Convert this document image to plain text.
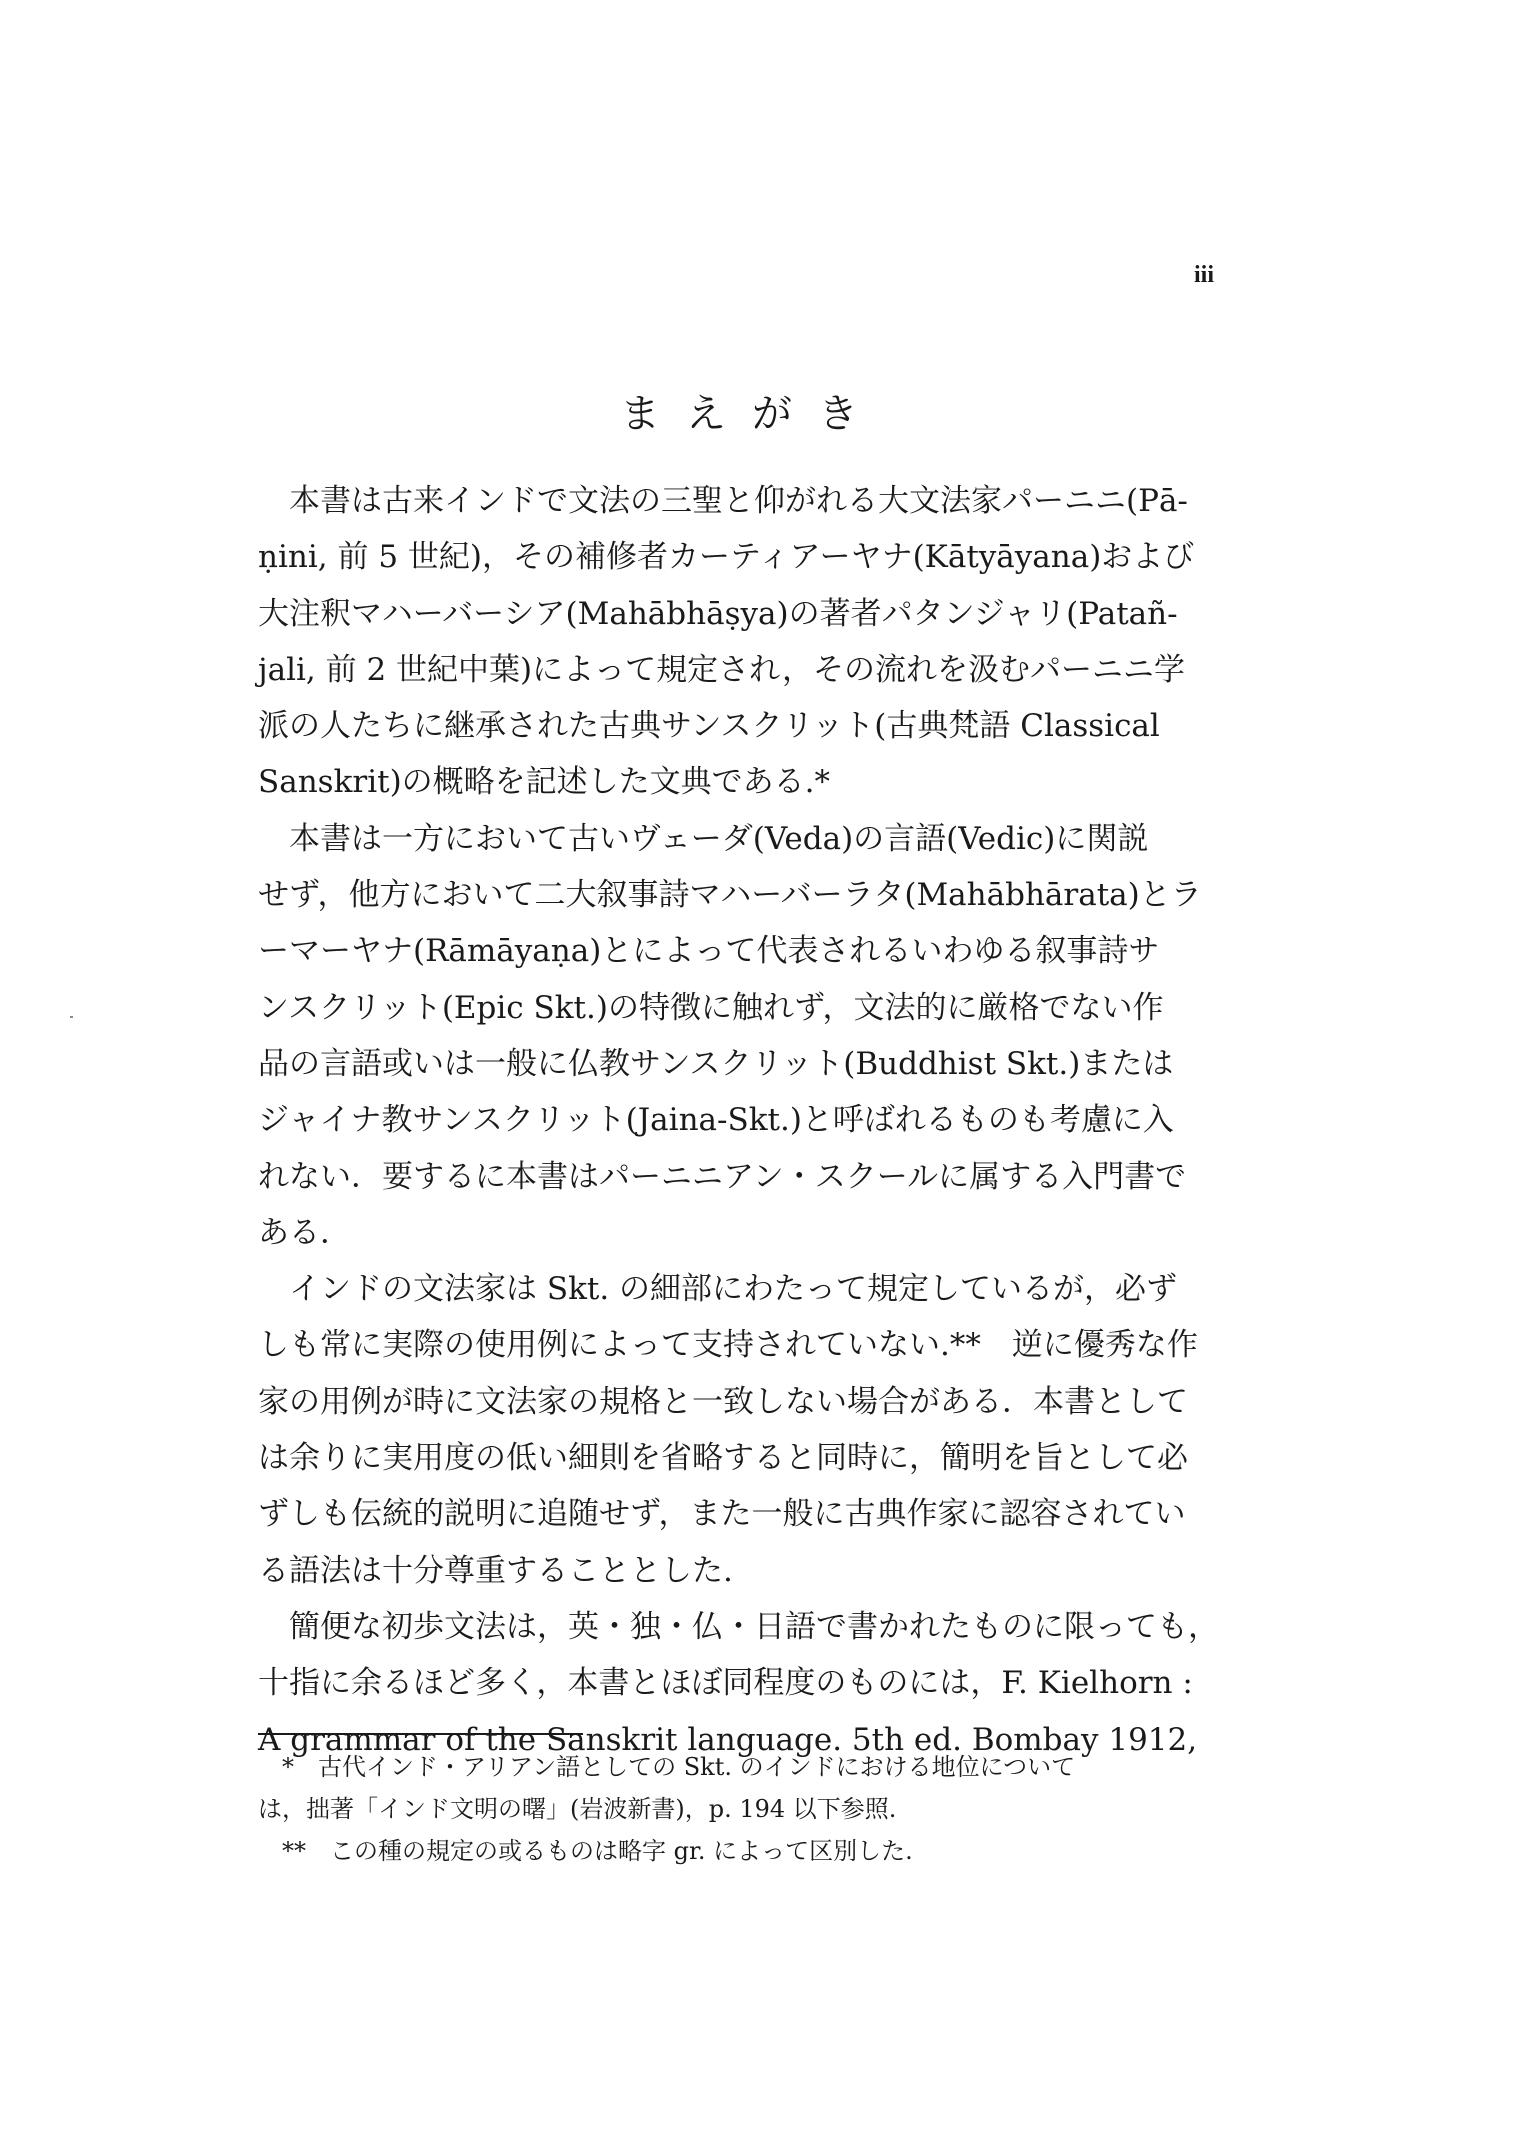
iii
まえがき
　本書は古来インドで文法の三聖と仰がれる大文法家パーニニ(Pā-
ṇini, 前 5 世紀)，その補修者カーティアーヤナ(Kātyāyana)および
大注釈マハーバーシア(Mahābhāṣya)の著者パタンジャリ(Patañ-
jali, 前 2 世紀中葉)によって規定され，その流れを汲むパーニニ学
派の人たちに継承された古典サンスクリット(古典梵語 Classical
Sanskrit)の概略を記述した文典である.*
　本書は一方において古いヴェーダ(Veda)の言語(Vedic)に関説
せず，他方において二大叙事詩マハーバーラタ(Mahābhārata)とラ
ーマーヤナ(Rāmāyaṇa)とによって代表されるいわゆる叙事詩サ
ンスクリット(Epic Skt.)の特徴に触れず，文法的に厳格でない作
品の言語或いは一般に仏教サンスクリット(Buddhist Skt.)または
ジャイナ教サンスクリット(Jaina-Skt.)と呼ばれるものも考慮に入
れない．要するに本書はパーニニアン・スクールに属する入門書で
ある．
　インドの文法家は Skt. の細部にわたって規定しているが，必ず
しも常に実際の使用例によって支持されていない.**　逆に優秀な作
家の用例が時に文法家の規格と一致しない場合がある．本書として
は余りに実用度の低い細則を省略すると同時に，簡明を旨として必
ずしも伝統的説明に追随せず，また一般に古典作家に認容されてい
る語法は十分尊重することとした.
　簡便な初歩文法は，英・独・仏・日語で書かれたものに限っても，
十指に余るほど多く，本書とほぼ同程度のものには，F. Kielhorn :
A grammar of the Sanskrit language. 5th ed. Bombay 1912,
　*　古代インド・アリアン語としての Skt. のインドにおける地位について
は，拙著「インド文明の曙」(岩波新書)，p. 194 以下参照.
　**　この種の規定の或るものは略字 gr. によって区別した.
